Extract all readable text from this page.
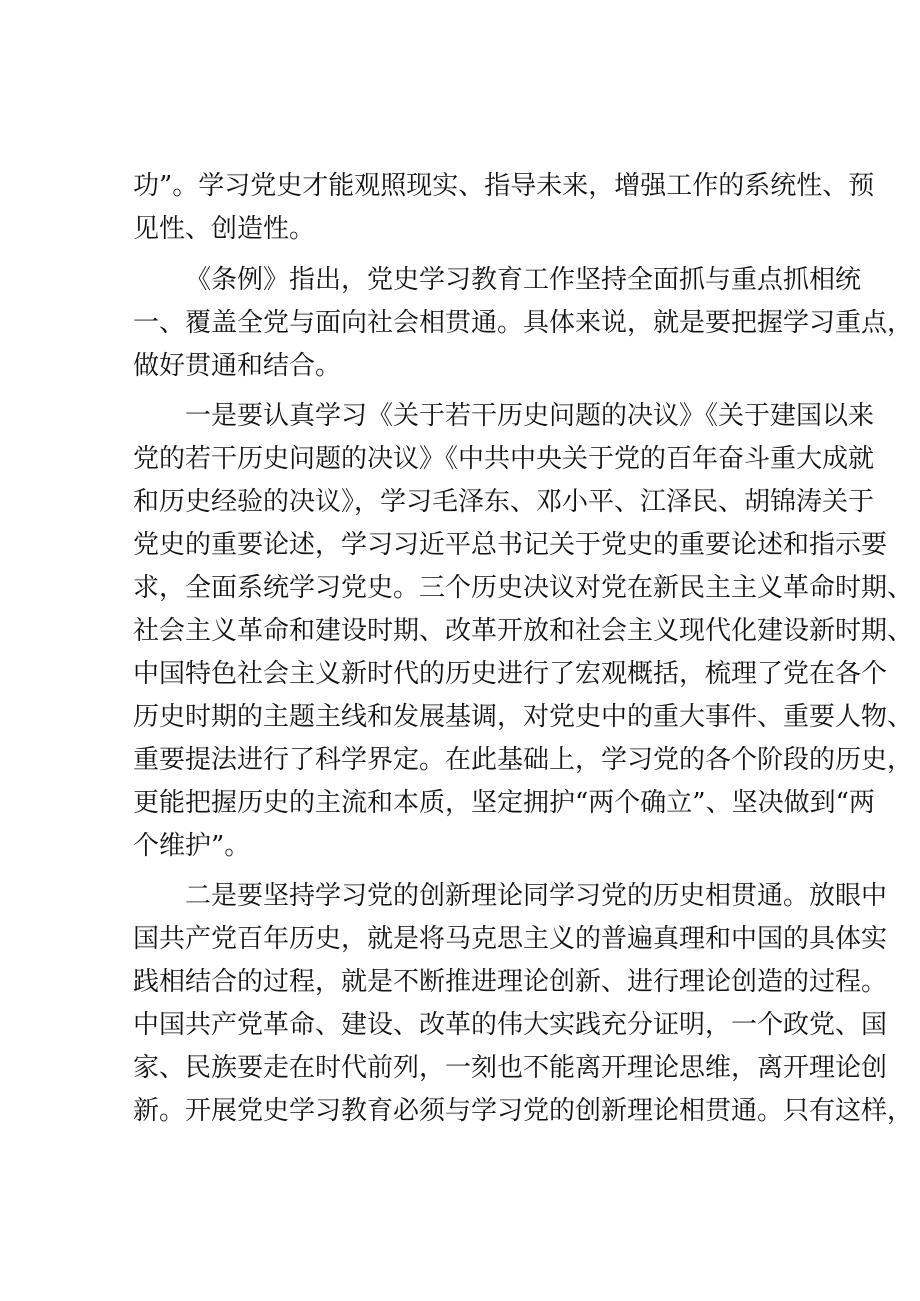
功”。学习党史才能观照现实、指导未来，增强工作的系统性、预
见性、创造性。
《条例》指出，党史学习教育工作坚持全面抓与重点抓相统
一、覆盖全党与面向社会相贯通。具体来说，就是要把握学习重点，
做好贯通和结合。
一是要认真学习《关于若干历史问题的决议》《关于建国以来
党的若干历史问题的决议》《中共中央关于党的百年奋斗重大成就
和历史经验的决议》，学习毛泽东、邓小平、江泽民、胡锦涛关于
党史的重要论述，学习习近平总书记关于党史的重要论述和指示要
求，全面系统学习党史。三个历史决议对党在新民主主义革命时期、
社会主义革命和建设时期、改革开放和社会主义现代化建设新时期、
中国特色社会主义新时代的历史进行了宏观概括，梳理了党在各个
历史时期的主题主线和发展基调，对党史中的重大事件、重要人物、
重要提法进行了科学界定。在此基础上，学习党的各个阶段的历史，
更能把握历史的主流和本质，坚定拥护“两个确立”、坚决做到“两
个维护”。
二是要坚持学习党的创新理论同学习党的历史相贯通。放眼中
国共产党百年历史，就是将马克思主义的普遍真理和中国的具体实
践相结合的过程，就是不断推进理论创新、进行理论创造的过程。
中国共产党革命、建设、改革的伟大实践充分证明，一个政党、国
家、民族要走在时代前列，一刻也不能离开理论思维，离开理论创
新。开展党史学习教育必须与学习党的创新理论相贯通。只有这样，
